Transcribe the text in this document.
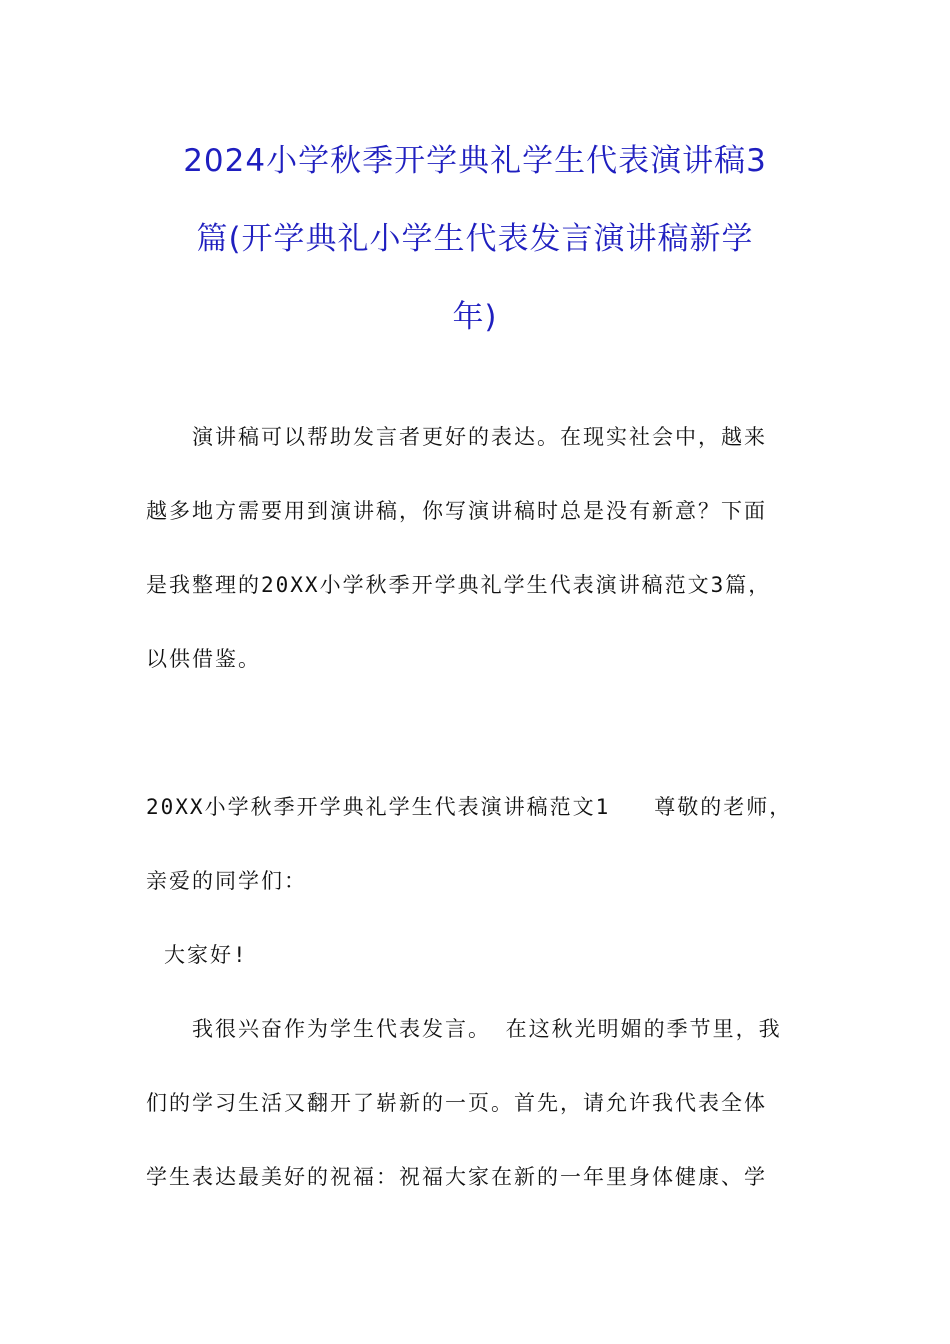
2024小学秋季开学典礼学生代表演讲稿3
篇(开学典礼小学生代表发言演讲稿新学
年)
演讲稿可以帮助发言者更好的表达。在现实社会中，越来
越多地方需要用到演讲稿，你写演讲稿时总是没有新意？下面
是我整理的20XX小学秋季开学典礼学生代表演讲稿范文3篇，
以供借鉴。
20XX小学秋季开学典礼学生代表演讲稿范文1 尊敬的老师，
亲爱的同学们：
大家好!
我很兴奋作为学生代表发言。 在这秋光明媚的季节里，我
们的学习生活又翻开了崭新的一页。首先，请允许我代表全体
学生表达最美好的祝福：祝福大家在新的一年里身体健康、学
